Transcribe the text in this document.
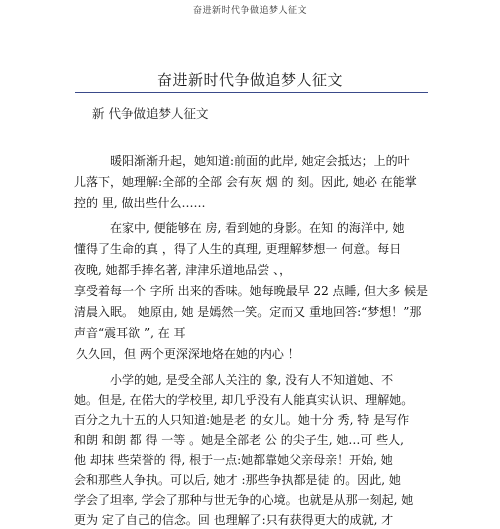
奋进新时代争做追梦人征文
奋进新时代争做追梦人征文
新 代争做追梦人征文
暖阳渐渐升起，她知道:前面的此岸, 她定会抵达；上的叶
儿落下，她理解:全部的全部 会有灰 烟 的 刻。因此, 她必 在能掌
控的 里, 做出些什么……
在家中, 便能够在 房, 看到她的身影。在知 的海洋中, 她
懂得了生命的真 ，得了人生的真理, 更理解梦想一 何意。每日
夜晚, 她都手捧名著, 津津乐道地品尝 、，
享受着每一个 字所 出来的香味。她每晚最早 22 点睡, 但大多 候是
清晨入眠。 她原由, 她 是嫣然一笑。定而又 重地回答:“梦想！”那
声音“震耳欲 ”, 在 耳
久久回，但 两个更深深地烙在她的内心 ！
小学的她, 是受全部人关注的 象, 没有人不知道她、不
她。但是, 在偌大的学校里, 却几乎没有人能真实认识、理解她。
百分之九十五的人只知道:她是老 的女儿。她十分 秀, 特 是写作
和朗 和朗 都 得 一等 。她是全部老 公 的尖子生, 她…可 些人,
他 却抹 些荣誉的 得, 根于一点:她都靠她父亲母亲！开始, 她
会和那些人争执。可以后, 她才 :那些争执都是徒 的。因此, 她
学会了坦率, 学会了那种与世无争的心境。也就是从那一刻起, 她
更为 定了自己的信念。回 也理解了:只有获得更大的成就, 才
